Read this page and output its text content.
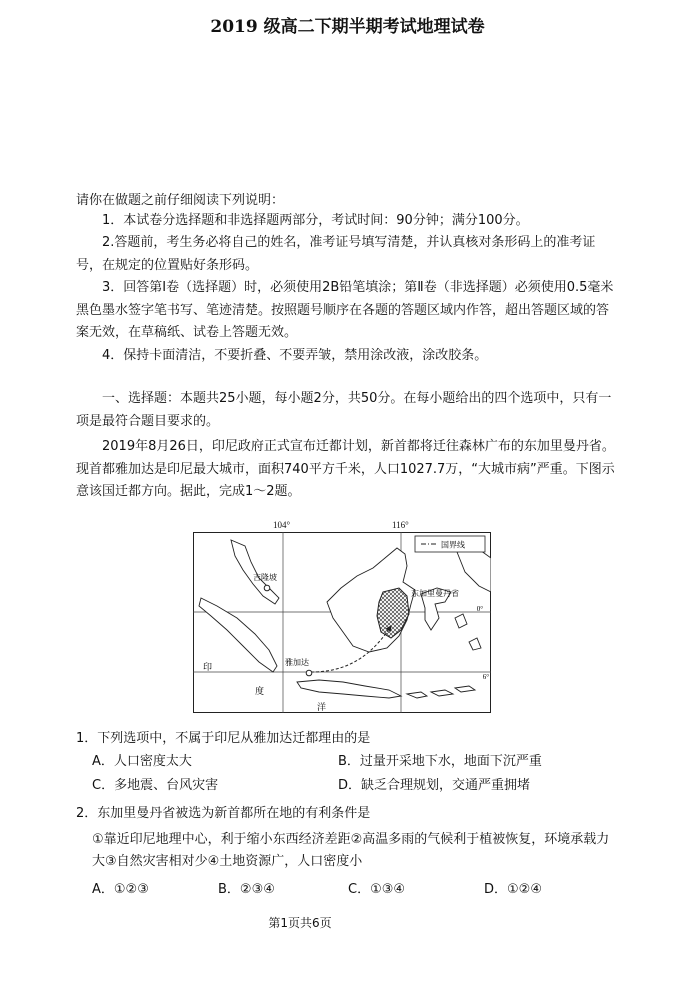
2019 级高二下期半期考试地理试卷

请你在做题之前仔细阅读下列说明：

1．本试卷分选择题和非选择题两部分，考试时间：90分钟；满分100分。

2.答题前，考生务必将自己的姓名，准考证号填写清楚，并认真核对条形码上的准考证号，在规定的位置贴好条形码。

3．回答第Ⅰ卷（选择题）时，必须使用2B铅笔填涂；第Ⅱ卷（非选择题）必须使用0.5毫米黑色墨水签字笔书写、笔迹清楚。按照题号顺序在各题的答题区域内作答，超出答题区域的答案无效，在草稿纸、试卷上答题无效。

4．保持卡面清洁，不要折叠、不要弄皱，禁用涂改液，涂改胶条。

一、选择题：本题共25小题，每小题2分，共50分。在每小题给出的四个选项中，只有一项是最符合题目要求的。

2019年8月26日，印尼政府正式宣布迁都计划，新首都将迁往森林广布的东加里曼丹省。现首都雅加达是印尼最大城市，面积740平方千米，人口1027.7万，“大城市病”严重。下图示意该国迁都方向。据此，完成1～2题。

国界线
吉隆坡
东加里曼丹省
雅加达
印
度
洋
0°
6°
104°	116°

1．下列选项中，不属于印尼从雅加达迁都理由的是

A．人口密度太大	B．过量开采地下水，地面下沉严重
C．多地震、台风灾害	D．缺乏合理规划，交通严重拥堵

2．东加里曼丹省被选为新首都所在地的有利条件是

①靠近印尼地理中心，利于缩小东西经济差距②高温多雨的气候利于植被恢复，环境承载力大③自然灾害相对少④土地资源广，人口密度小

A．①②③	B．②③④	C．①③④	D．①②④
第1页共6页
